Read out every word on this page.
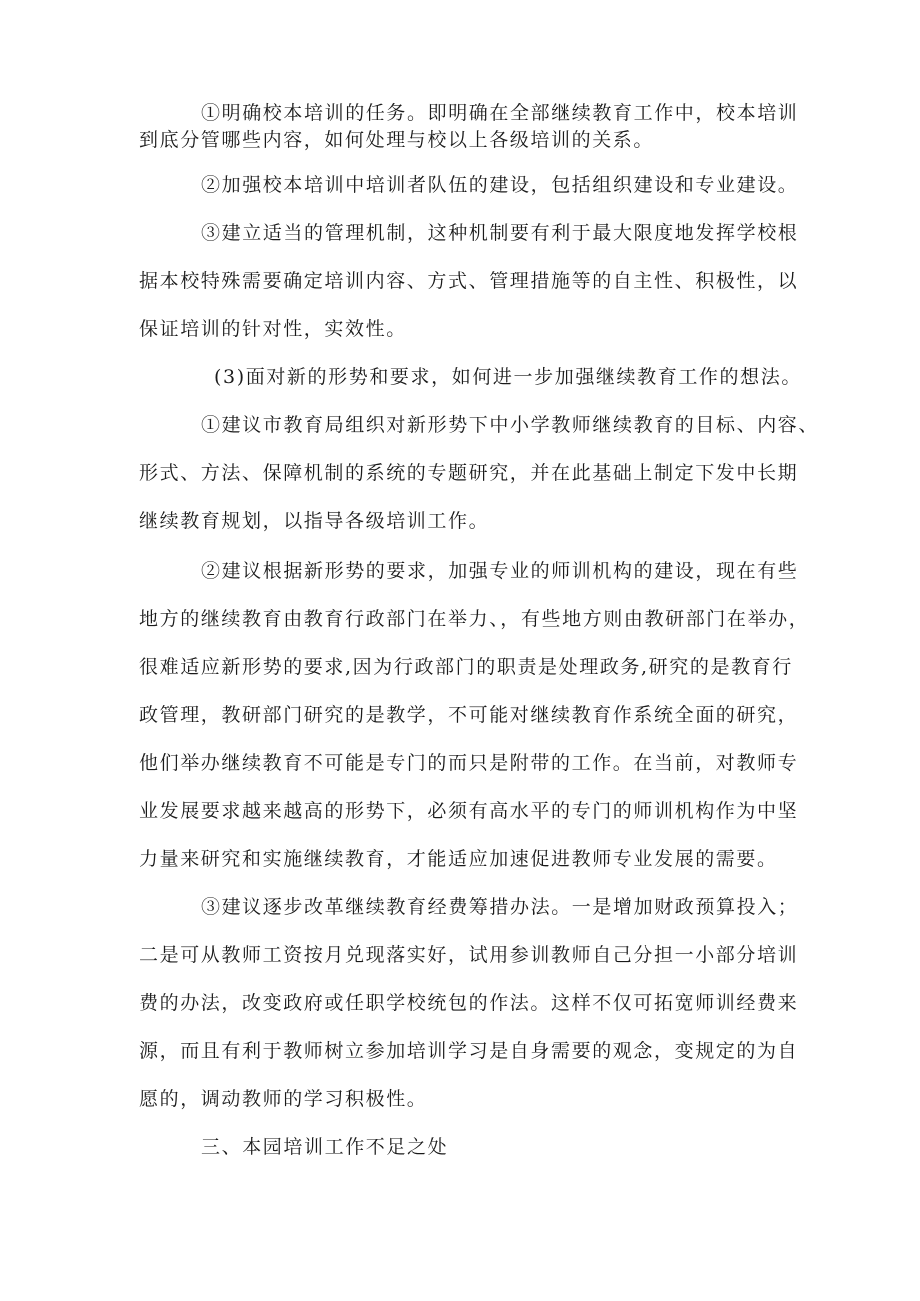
①明确校本培训的任务。即明确在全部继续教育工作中，校本培训
到底分管哪些内容，如何处理与校以上各级培训的关系。
②加强校本培训中培训者队伍的建设，包括组织建设和专业建设。
③建立适当的管理机制，这种机制要有利于最大限度地发挥学校根
据本校特殊需要确定培训内容、方式、管理措施等的自主性、积极性，以
保证培训的针对性，实效性。
(3)面对新的形势和要求，如何进一步加强继续教育工作的想法。
①建议市教育局组织对新形势下中小学教师继续教育的目标、内容、
形式、方法、保障机制的系统的专题研究，并在此基础上制定下发中长期
继续教育规划，以指导各级培训工作。
②建议根据新形势的要求，加强专业的师训机构的建设，现在有些
地方的继续教育由教育行政部门在举力、，有些地方则由教研部门在举办，
很难适应新形势的要求,因为行政部门的职责是处理政务,研究的是教育行
政管理，教研部门研究的是教学，不可能对继续教育作系统全面的研究，
他们举办继续教育不可能是专门的而只是附带的工作。在当前，对教师专
业发展要求越来越高的形势下，必须有高水平的专门的师训机构作为中坚
力量来研究和实施继续教育，才能适应加速促进教师专业发展的需要。
③建议逐步改革继续教育经费筹措办法。一是增加财政预算投入；
二是可从教师工资按月兑现落实好，试用参训教师自己分担一小部分培训
费的办法，改变政府或任职学校统包的作法。这样不仅可拓宽师训经费来
源，而且有利于教师树立参加培训学习是自身需要的观念，变规定的为自
愿的，调动教师的学习积极性。
三、本园培训工作不足之处
